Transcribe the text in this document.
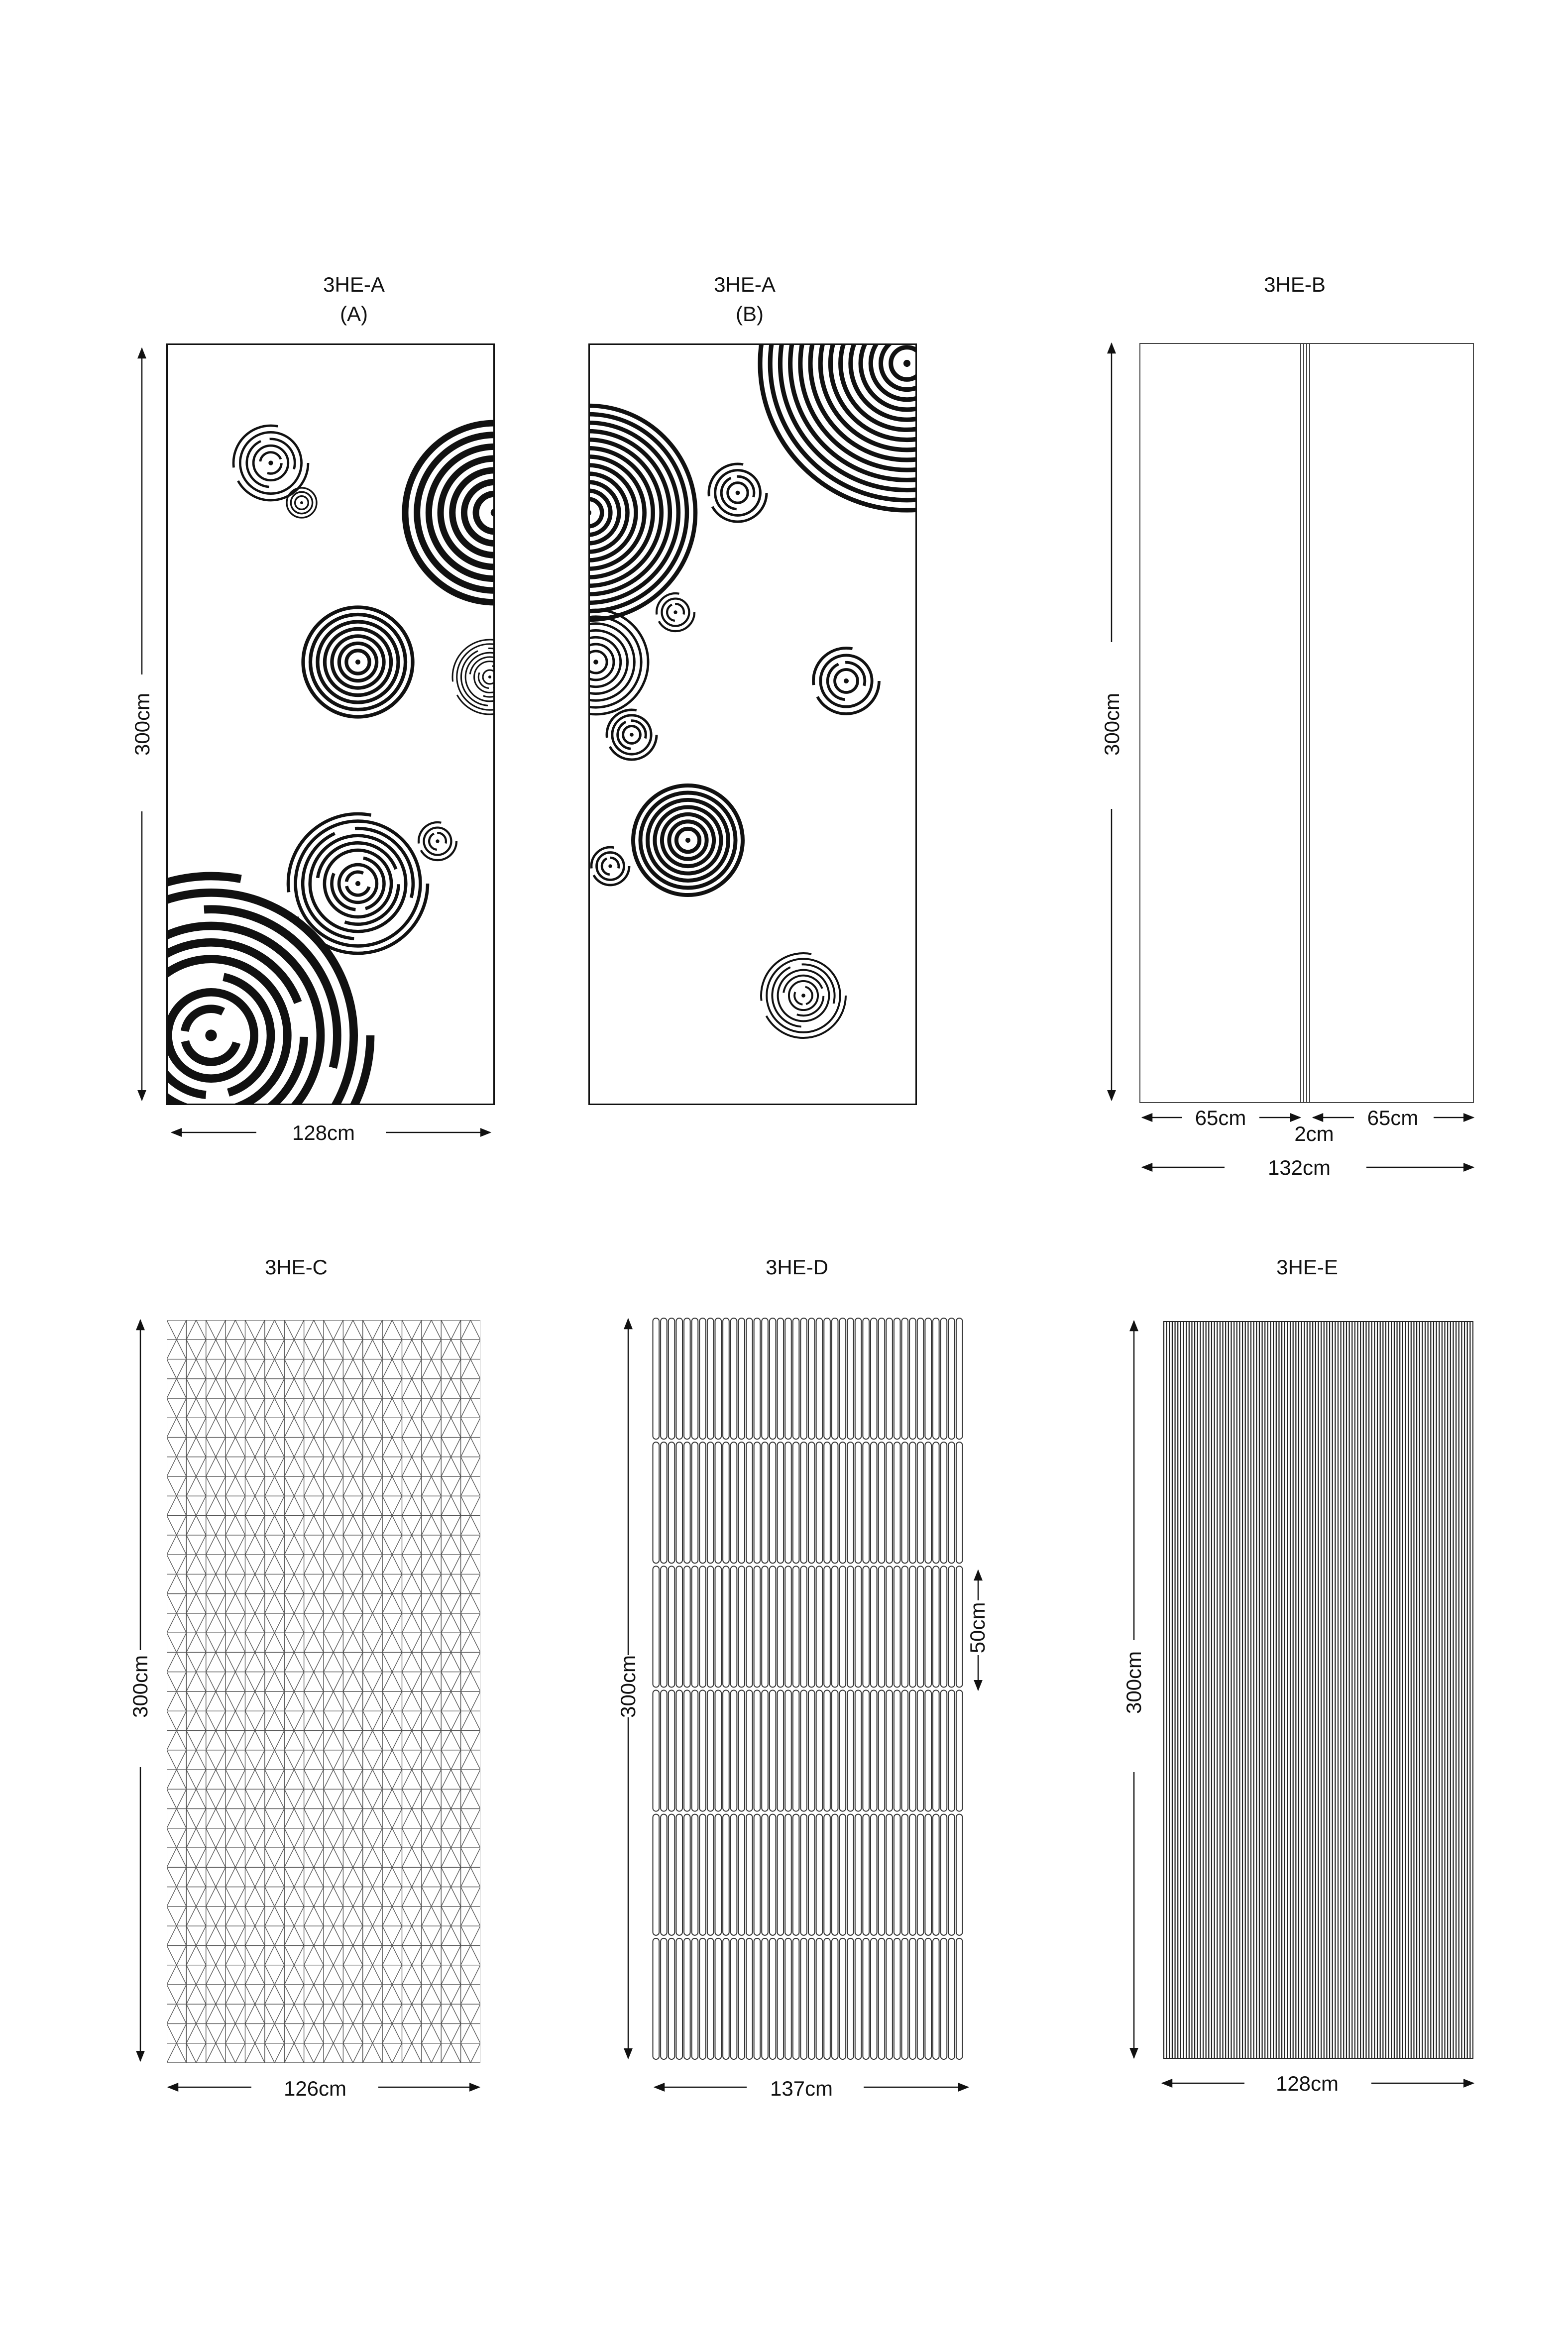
3HE-A
(A)
300cm
128cm
3HE-A
(B)
3HE-B
300cm
65cm	65cm
2cm
132cm
3HE-C
300cm
126cm
3HE-D
300cm
50cm
137cm
3HE-E
300cm
128cm
